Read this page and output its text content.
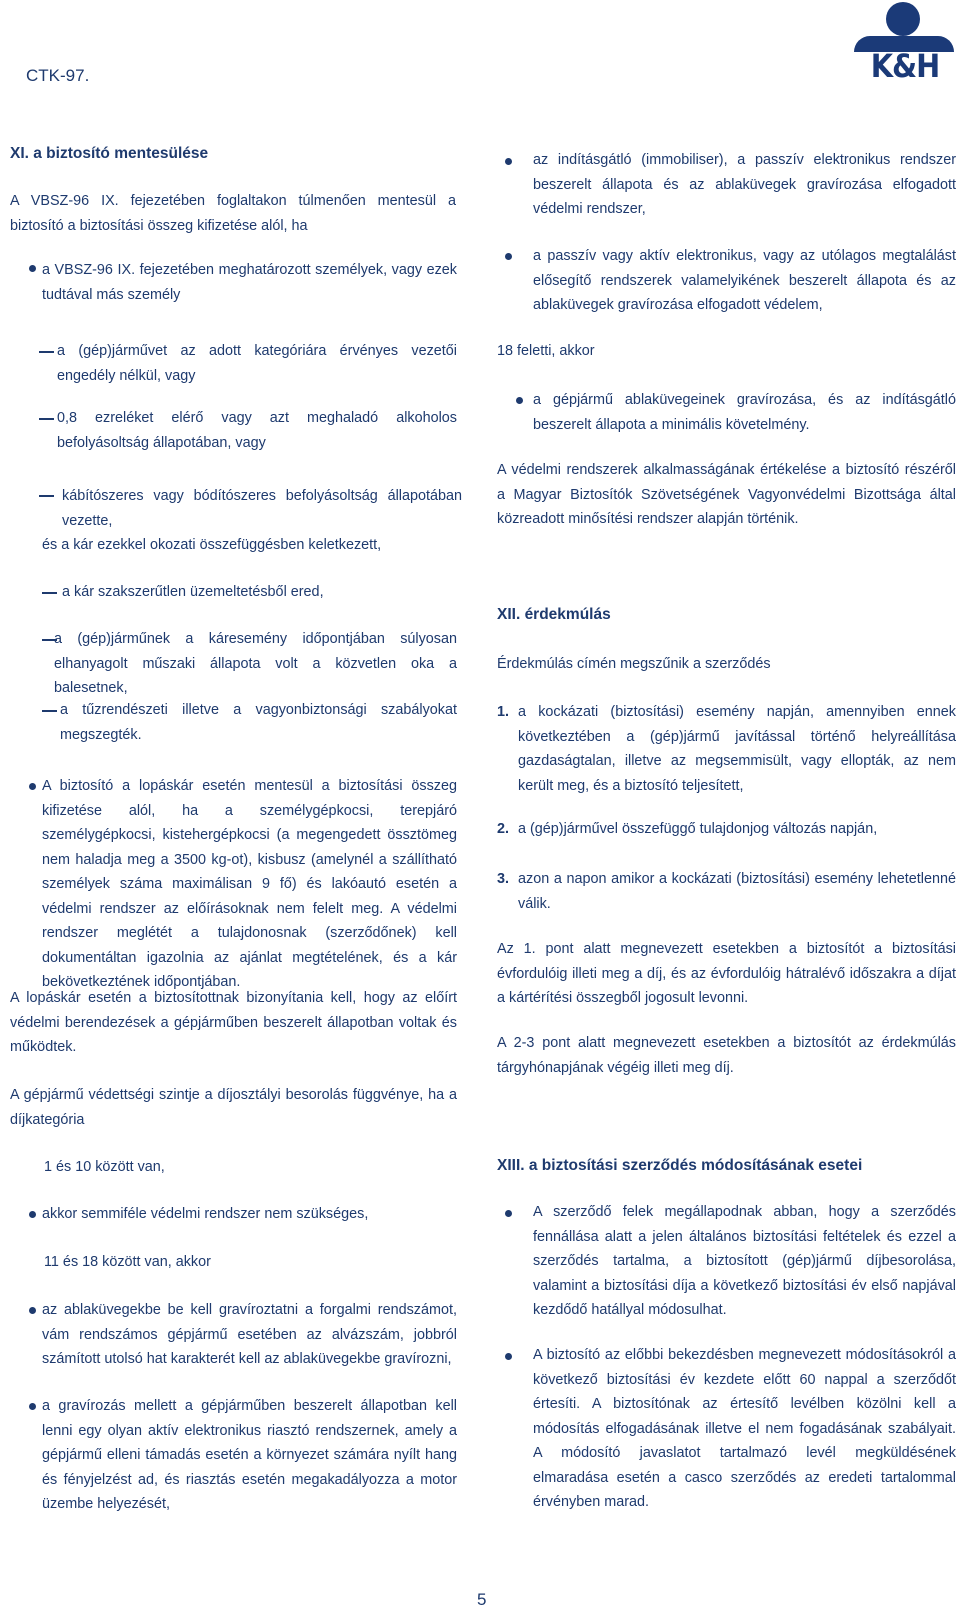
CTK-97.	K&H
XI. a biztosító mentesülése
A VBSZ-96 IX. fejezetében foglaltakon túlmenően mentesül a biztosító a biztosítási összeg kifizetése alól, ha
a VBSZ-96 IX. fejezetében meghatározott személyek, vagy ezek tudtával más személy
a (gép)járművet az adott kategóriára érvényes vezetői engedély nélkül, vagy
0,8 ezreléket elérő vagy azt meghaladó alkoholos befolyásoltság állapotában, vagy
kábítószeres vagy bódítószeres befolyásoltság állapotában vezette,
és a kár ezekkel okozati összefüggésben keletkezett,
a kár szakszerűtlen üzemeltetésből ered,
a (gép)járműnek a káresemény időpontjában súlyosan elhanyagolt műszaki állapota volt a közvetlen oka a balesetnek,
a tűzrendészeti illetve a vagyonbiztonsági szabályokat megszegték.
A biztosító a lopáskár esetén mentesül a biztosítási összeg kifizetése alól, ha a személygépkocsi, terepjáró személygépkocsi, kistehergépkocsi (a megengedett össztömeg nem haladja meg a 3500 kg-ot), kisbusz (amelynél a szállítható személyek száma maximálisan 9 fő) és lakóautó esetén a védelmi rendszer az előírásoknak nem felelt meg. A védelmi rendszer meglétét a tulajdonosnak (szerződőnek) kell dokumentáltan igazolnia az ajánlat megtételének, és a kár bekövetkeztének időpontjában.
A lopáskár esetén a biztosítottnak bizonyítania kell, hogy az előírt védelmi berendezések a gépjárműben beszerelt állapotban voltak és működtek.
A gépjármű védettségi szintje a díjosztályi besorolás függvénye, ha a díjkategória
1 és 10 között van,
akkor semmiféle védelmi rendszer nem szükséges,
11 és 18 között van, akkor
az ablaküvegekbe be kell gravíroztatni a forgalmi rendszámot, vám rendszámos gépjármű esetében az alvázszám, jobbról számított utolsó hat karakterét kell az ablaküvegekbe gravírozni,
a gravírozás mellett a gépjárműben beszerelt állapotban kell lenni egy olyan aktív elektronikus riasztó rendszernek, amely a gépjármű elleni támadás esetén a környezet számára nyílt hang és fényjelzést ad, és riasztás esetén megakadályozza a motor üzembe helyezését,
az indításgátló (immobiliser), a passzív elektronikus rendszer beszerelt állapota és az ablaküvegek gravírozása elfogadott védelmi rendszer,
a passzív vagy aktív elektronikus, vagy az utólagos megtalálást elősegítő rendszerek valamelyikének beszerelt állapota és az ablaküvegek gravírozása elfogadott védelem,
18 feletti, akkor
a gépjármű ablaküvegeinek gravírozása, és az indításgátló beszerelt állapota a minimális követelmény.
A védelmi rendszerek alkalmasságának értékelése a biztosító részéről a Magyar Biztosítók Szövetségének Vagyonvédelmi Bizottsága által közreadott minősítési rendszer alapján történik.
XII. érdekmúlás
Érdekmúlás címén megszűnik a szerződés
1. a kockázati (biztosítási) esemény napján, amennyiben ennek következtében a (gép)jármű javítással történő helyreállítása gazdaságtalan, illetve az megsemmisült, vagy ellopták, az nem került meg, és a biztosító teljesített,
2. a (gép)járművel összefüggő tulajdonjog változás napján,
3. azon a napon amikor a kockázati (biztosítási) esemény lehetetlenné válik.
Az 1. pont alatt megnevezett esetekben a biztosítót a biztosítási évfordulóig illeti meg a díj, és az évfordulóig hátralévő időszakra a díjat a kártérítési összegből jogosult levonni.
A 2-3 pont alatt megnevezett esetekben a biztosítót az érdekmúlás tárgyhónapjának végéig illeti meg díj.
XIII. a biztosítási szerződés módosításának esetei
A szerződő felek megállapodnak abban, hogy a szerződés fennállása alatt a jelen általános biztosítási feltételek és ezzel a szerződés tartalma, a biztosított (gép)jármű díjbesorolása, valamint a biztosítási díja a következő biztosítási év első napjával kezdődő hatállyal módosulhat.
A biztosító az előbbi bekezdésben megnevezett módosításokról a következő biztosítási év kezdete előtt 60 nappal a szerződőt értesíti. A biztosítónak az értesítő levélben közölni kell a módosítás elfogadásának illetve el nem fogadásának szabályait. A módosító javaslatot tartalmazó levél megküldésének elmaradása esetén a casco szerződés az eredeti tartalommal érvényben marad.
5
